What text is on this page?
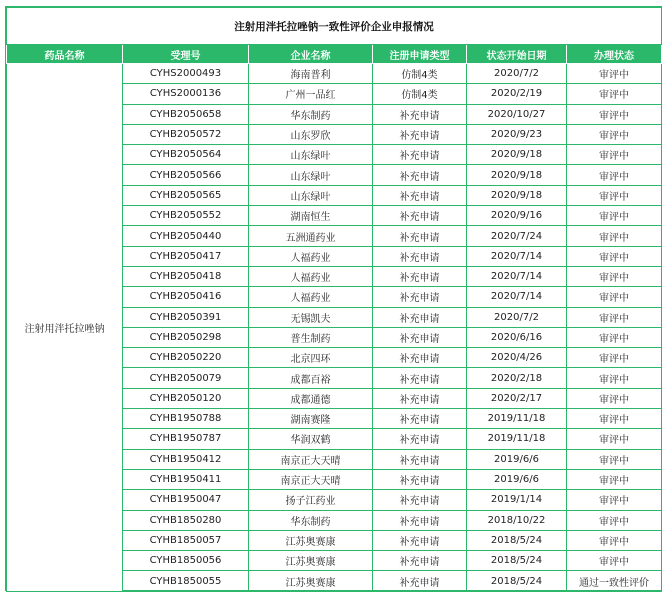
注射用泮托拉唑钠一致性评价企业申报情况					
药品名称	受理号	企业名称	注册申请类型	状态开始日期	办理状态
注射用泮托拉唑钠	CYHS2000493	海南普利	仿制4类	2020/7/2	审评中
	CYHS2000136	广州一品红	仿制4类	2020/2/19	审评中
	CYHB2050658	华东制药	补充申请	2020/10/27	审评中
	CYHB2050572	山东罗欣	补充申请	2020/9/23	审评中
	CYHB2050564	山东绿叶	补充申请	2020/9/18	审评中
	CYHB2050566	山东绿叶	补充申请	2020/9/18	审评中
	CYHB2050565	山东绿叶	补充申请	2020/9/18	审评中
	CYHB2050552	湖南恒生	补充申请	2020/9/16	审评中
	CYHB2050440	五洲通药业	补充申请	2020/7/24	审评中
	CYHB2050417	人福药业	补充申请	2020/7/14	审评中
	CYHB2050418	人福药业	补充申请	2020/7/14	审评中
	CYHB2050416	人福药业	补充申请	2020/7/14	审评中
	CYHB2050391	无锡凯夫	补充申请	2020/7/2	审评中
	CYHB2050298	普生制药	补充申请	2020/6/16	审评中
	CYHB2050220	北京四环	补充申请	2020/4/26	审评中
	CYHB2050079	成都百裕	补充申请	2020/2/18	审评中
	CYHB2050120	成都通德	补充申请	2020/2/17	审评中
	CYHB1950788	湖南赛隆	补充申请	2019/11/18	审评中
	CYHB1950787	华润双鹤	补充申请	2019/11/18	审评中
	CYHB1950412	南京正大天晴	补充申请	2019/6/6	审评中
	CYHB1950411	南京正大天晴	补充申请	2019/6/6	审评中
	CYHB1950047	扬子江药业	补充申请	2019/1/14	审评中
	CYHB1850280	华东制药	补充申请	2018/10/22	审评中
	CYHB1850057	江苏奥赛康	补充申请	2018/5/24	审评中
	CYHB1850056	江苏奥赛康	补充申请	2018/5/24	审评中
	CYHB1850055	江苏奥赛康	补充申请	2018/5/24	通过一致性评价
